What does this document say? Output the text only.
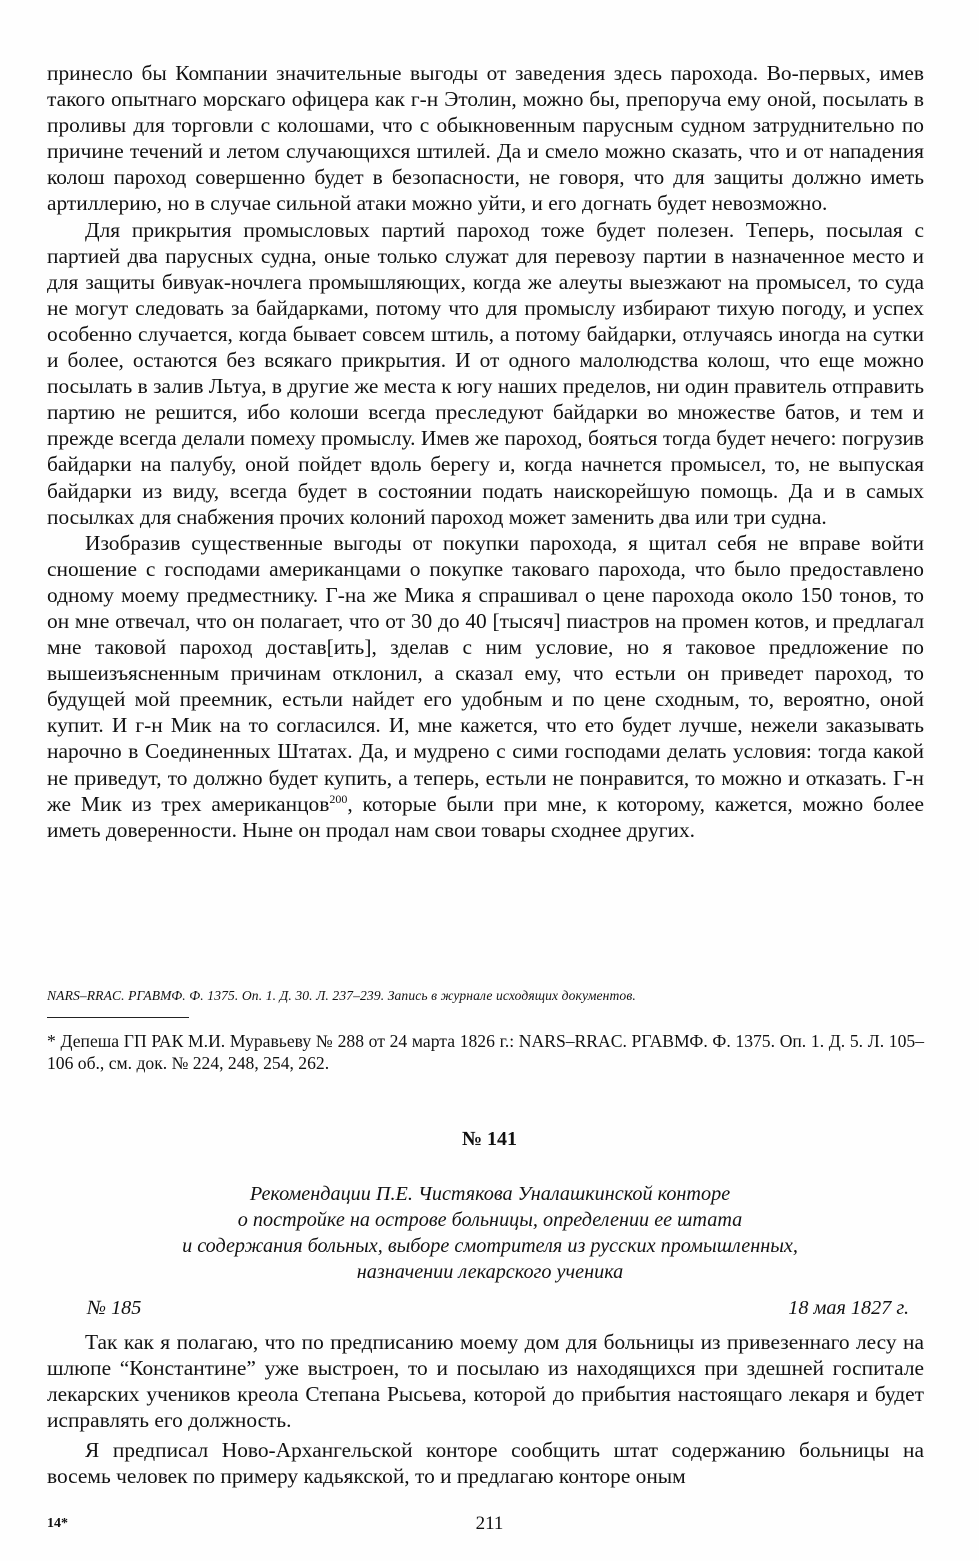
принесло бы Компании значительные выгоды от заведения здесь парохода. Во-первых, имев такого опытнаго морскаго офицера как г-н Этолин, можно бы, препоруча ему оной, посылать в проливы для торговли с колошами, что с обыкновенным парусным судном затруднительно по причине течений и летом случающихся штилей. Да и смело можно сказать, что и от нападения колош пароход совершенно будет в безопасности, не говоря, что для защиты должно иметь артиллерию, но в случае сильной атаки можно уйти, и его догнать будет невозможно.

Для прикрытия промысловых партий пароход тоже будет полезен. Теперь, посылая с партией два парусных судна, оные только служат для перевозу партии в назначенное место и для защиты бивуак-ночлега промышляющих, когда же алеуты выезжают на промысел, то суда не могут следовать за байдарками, потому что для промыслу избирают тихую погоду, и успех особенно случается, когда бывает совсем штиль, а потому байдарки, отлучаясь иногда на сутки и более, остаются без всякаго прикрытия. И от одного малолюдства колош, что еще можно посылать в залив Льтуа, в другие же места к югу наших пределов, ни один правитель отправить партию не решится, ибо колоши всегда преследуют байдарки во множестве батов, и тем и прежде всегда делали помеху промыслу. Имев же пароход, бояться тогда будет нечего: погрузив байдарки на палубу, оной пойдет вдоль берегу и, когда начнется промысел, то, не выпуская байдарки из виду, всегда будет в состоянии подать наискорейшую помощь. Да и в самых посылках для снабжения прочих колоний пароход может заменить два или три судна.

Изобразив существенные выгоды от покупки парохода, я щитал себя не вправе войти сношение с господами американцами о покупке таковаго парохода, что было предоставлено одному моему предместнику. Г-на же Мика я спрашивал о цене парохода около 150 тонов, то он мне отвечал, что он полагает, что от 30 до 40 [тысяч] пиастров на промен котов, и предлагал мне таковой пароход достав[ить], зделав с ним условие, но я таковое предложение по вышеизъясненным причинам отклонил, а сказал ему, что естьли он приведет пароход, то будущей мой преемник, естьли найдет его удобным и по цене сходным, то, вероятно, оной купит. И г-н Мик на то согласился. И, мне кажется, что ето будет лучше, нежели заказывать нарочно в Соединенных Штатах. Да, и мудрено с сими господами делать условия: тогда какой не приведут, то должно будет купить, а теперь, естьли не понравится, то можно и отказать. Г-н же Мик из трех американцов$^{200}$, которые были при мне, к которому, кажется, можно более иметь доверенности. Ныне он продал нам свои товары сходнее других.

NARS–RRAC. РГАВМФ. Ф. 1375. Оп. 1. Д. 30. Л. 237–239. Запись в журнале исходящих документов.
* Депеша ГП РАК М.И. Муравьеву № 288 от 24 марта 1826 г.: NARS–RRAC. РГАВМФ. Ф. 1375. Оп. 1. Д. 5. Л. 105–106 об., см. док. № 224, 248, 254, 262.
№ 141
Рекомендации П.Е. Чистякова Уналашкинской конторе
о постройке на острове больницы, определении ее штата
и содержания больных, выборе смотрителя из русских промышленных,
назначении лекарского ученика
№ 185	18 мая 1827 г.

Так как я полагаю, что по предписанию моему дом для больницы из привезеннаго лесу на шлюпе “Константине” уже выстроен, то и посылаю из находящихся при здешней госпитале лекарских учеников креола Степана Рысьева, которой до прибытия настоящаго лекаря и будет исправлять его должность.

Я предписал Ново-Архангельской конторе сообщить штат содержанию больницы на восемь человек по примеру кадьякской, то и предлагаю конторе оным

14*	211
